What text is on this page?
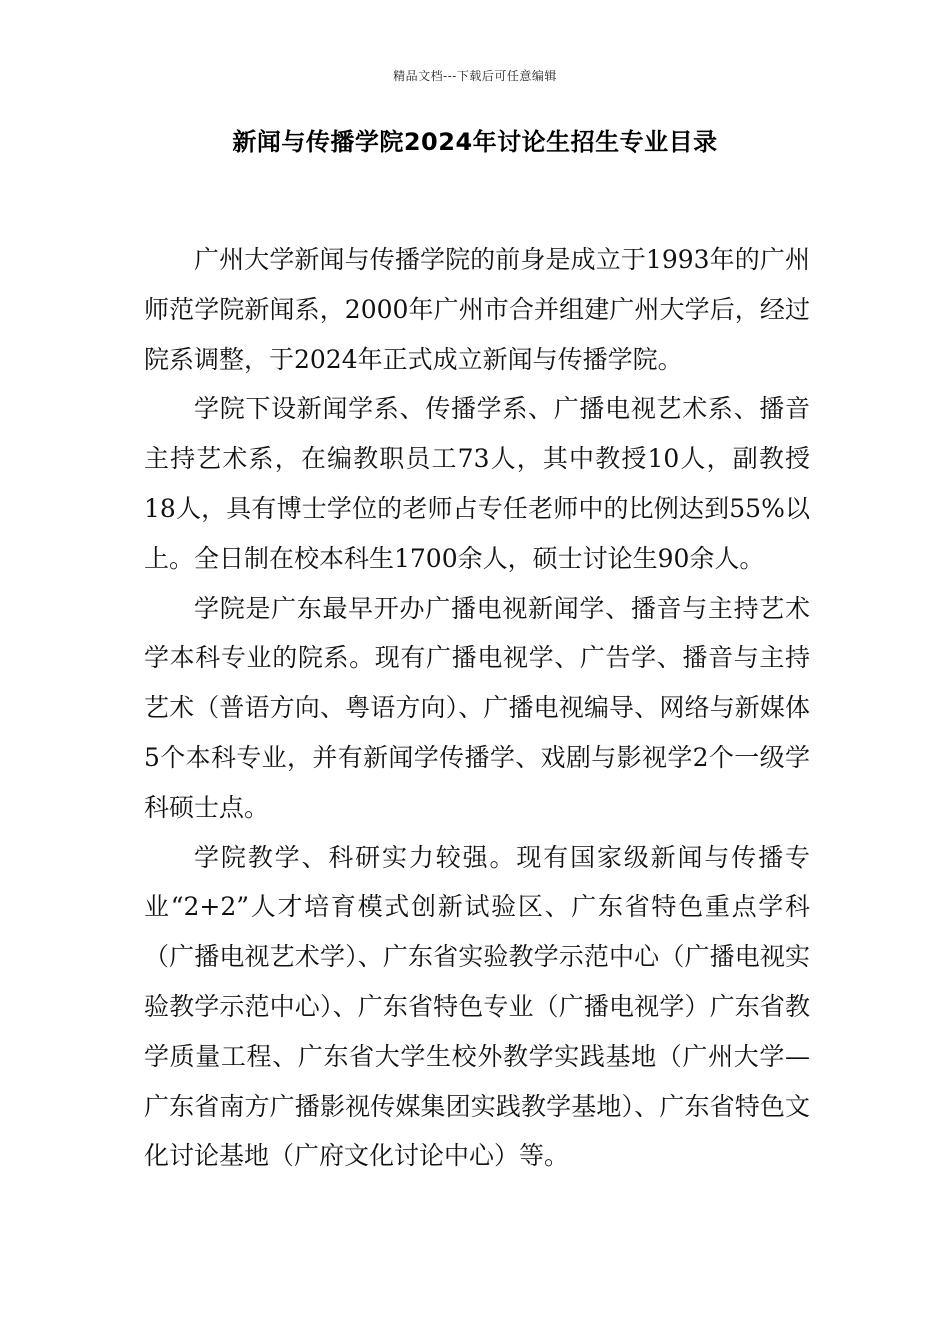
精品文档---下载后可任意编辑
新闻与传播学院2024年讨论生招生专业目录

广州大学新闻与传播学院的前身是成立于1993年的广州师范学院新闻系，2000年广州市合并组建广州大学后，经过院系调整，于2024年正式成立新闻与传播学院。

学院下设新闻学系、传播学系、广播电视艺术系、播音主持艺术系，在编教职员工73人，其中教授10人，副教授18人，具有博士学位的老师占专任老师中的比例达到55%以上。全日制在校本科生1700余人，硕士讨论生90余人。

学院是广东最早开办广播电视新闻学、播音与主持艺术学本科专业的院系。现有广播电视学、广告学、播音与主持艺术（普语方向、粤语方向）、广播电视编导、网络与新媒体5个本科专业，并有新闻学传播学、戏剧与影视学2个一级学科硕士点。

学院教学、科研实力较强。现有国家级新闻与传播专业“2+2”人才培育模式创新试验区、广东省特色重点学科（广播电视艺术学）、广东省实验教学示范中心（广播电视实验教学示范中心）、广东省特色专业（广播电视学）广东省教学质量工程、广东省大学生校外教学实践基地（广州大学—广东省南方广播影视传媒集团实践教学基地）、广东省特色文化讨论基地（广府文化讨论中心）等。
